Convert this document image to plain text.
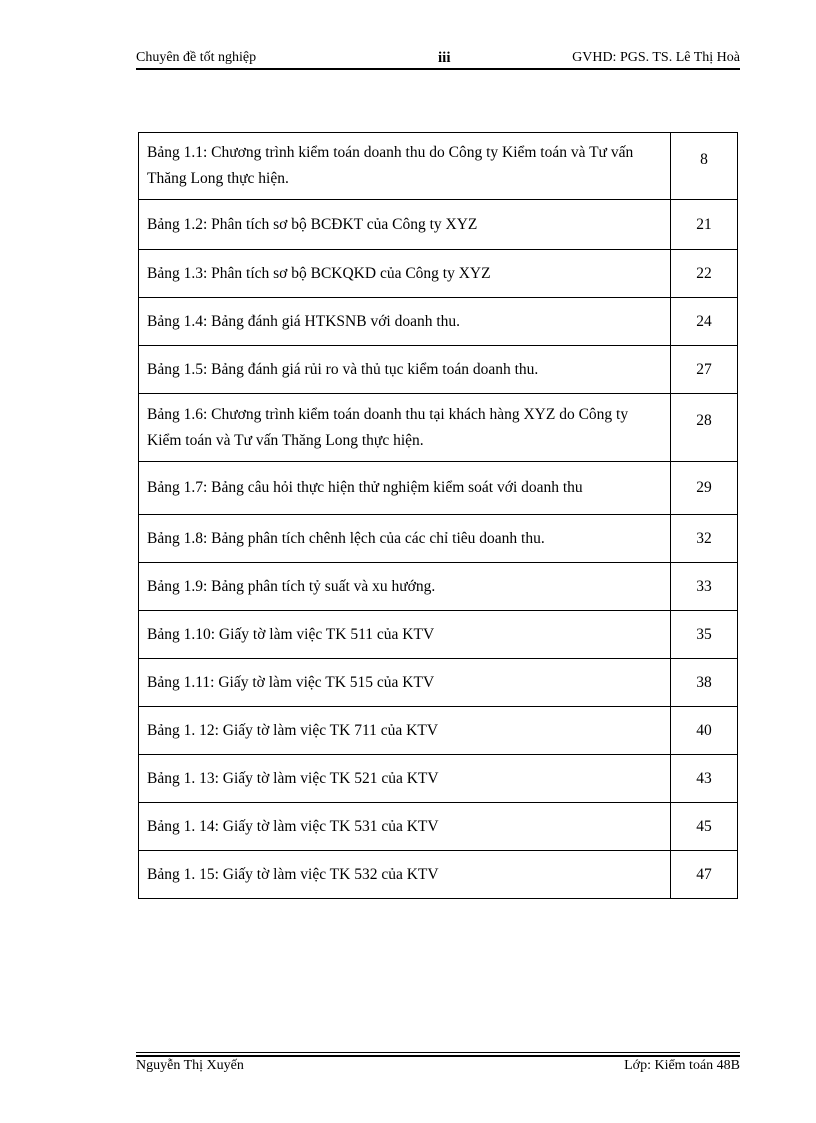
Chuyên đề tốt nghiệp	iii	GVHD: PGS. TS. Lê Thị Hoà
Bảng 1.1: Chương trình kiểm toán doanh thu do Công ty Kiểm toán và Tư vấn Thăng Long thực hiện.	8
Bảng 1.2: Phân tích sơ bộ BCĐKT của Công ty XYZ	21
Bảng 1.3: Phân tích sơ bộ BCKQKD của Công ty XYZ	22
Bảng 1.4: Bảng đánh giá HTKSNB với doanh thu.	24
Bảng 1.5: Bảng đánh giá rủi ro và thủ tục kiểm toán doanh thu.	27
Bảng 1.6: Chương trình kiểm toán doanh thu tại khách hàng XYZ do Công ty Kiểm toán và Tư vấn Thăng Long thực hiện.	28
Bảng 1.7: Bảng câu hỏi thực hiện thử nghiệm kiểm soát với doanh thu	29
Bảng 1.8: Bảng phân tích chênh lệch của các chỉ tiêu doanh thu.	32
Bảng 1.9: Bảng phân tích tỷ suất và xu hướng.	33
Bảng 1.10: Giấy tờ làm việc TK 511 của KTV	35
Bảng 1.11: Giấy tờ làm việc TK 515 của KTV	38
Bảng 1. 12: Giấy tờ làm việc TK 711 của KTV	40
Bảng 1. 13: Giấy tờ làm việc TK 521 của KTV	43
Bảng 1. 14: Giấy tờ làm việc TK 531 của KTV	45
Bảng 1. 15: Giấy tờ làm việc TK 532 của KTV	47
Nguyễn Thị Xuyến	Lớp: Kiểm toán 48B
